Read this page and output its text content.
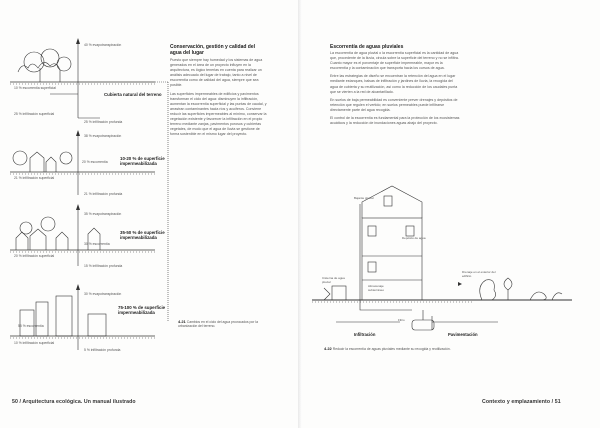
40 % evapotranspiración
10 % escorrentía superficial
Cubierta natural del terreno
25 % infiltración superficial
25 % infiltración profunda
38 % evapotranspiración
21 % infiltración superficial
20 % escorrentía
10-20 % de superficie impermeabilizada
21 % infiltración profunda
35 % evapotranspiración
30 % escorrentía
35-50 % de superficie impermeabilizada
20 % infiltración superficial
15 % infiltración profunda
30 % evapotranspiración
75-100 % de superficie impermeabilizada
55 % escorrentía
10 % infiltración superficial
5 % infiltración profunda
Conservación, gestión y calidad del agua del lugar

Puesto que siempre hay humedad y los sistemas de agua generados en el área de un proyecto influyen en la arquitectura, es lógico tenerlas en cuenta para realizar un análisis adecuado del lugar de trabajo, tanto a nivel de escorrentía como de calidad del agua, siempre que sea posible.

Las superficies impermeables de edificios y pavimentos transforman el ciclo del agua: disminuyen la infiltración, aumentan la escorrentía superficial y las puntas de caudal, y arrastran contaminantes hacia ríos y acuíferos. Conviene reducir las superficies impermeables al mínimo, conservar la vegetación existente y favorecer la infiltración en el propio terreno mediante zanjas, pavimentos porosos y cubiertas vegetales, de modo que el agua de lluvia se gestione de forma sostenible en el mismo lugar del proyecto.

4.21 Cambios en el ciclo del agua provocados por la urbanización del terreno.
50 / Arquitectura ecológica. Un manual ilustrado
Escorrentía de aguas pluviales

La escorrentía de agua pluvial o la escorrentía superficial es la cantidad de agua que, procedente de la lluvia, circula sobre la superficie del terreno y no se infiltra. Cuanto mayor es el porcentaje de superficie impermeable, mayor es la escorrentía y la contaminación que transporta hacia los cursos de agua.

Entre las estrategias de diseño se encuentran la retención del agua en el lugar mediante estanques, balsas de infiltración y jardines de lluvia, la recogida del agua de cubierta y su reutilización, así como la reducción de los caudales punta que se vierten a la red de alcantarillado.

En suelos de baja permeabilidad es conveniente prever drenajes y depósitos de retención que regulen el vertido; en suelos permeables puede infiltrarse directamente parte del agua recogida.

El control de la escorrentía es fundamental para la protección de los ecosistemas acuáticos y la reducción de inundaciones aguas abajo del proyecto.

Bajante pluvial
Depósito de agua
Cisterna de agua pluvial
Almacenaje subterráneo
Drenaje en el exterior del edificio
Filtro
Infiltración	Pavimentación
4.22 Reducir la escorrentía de aguas pluviales mediante su recogida y reutilización.
Contexto y emplazamiento / 51
